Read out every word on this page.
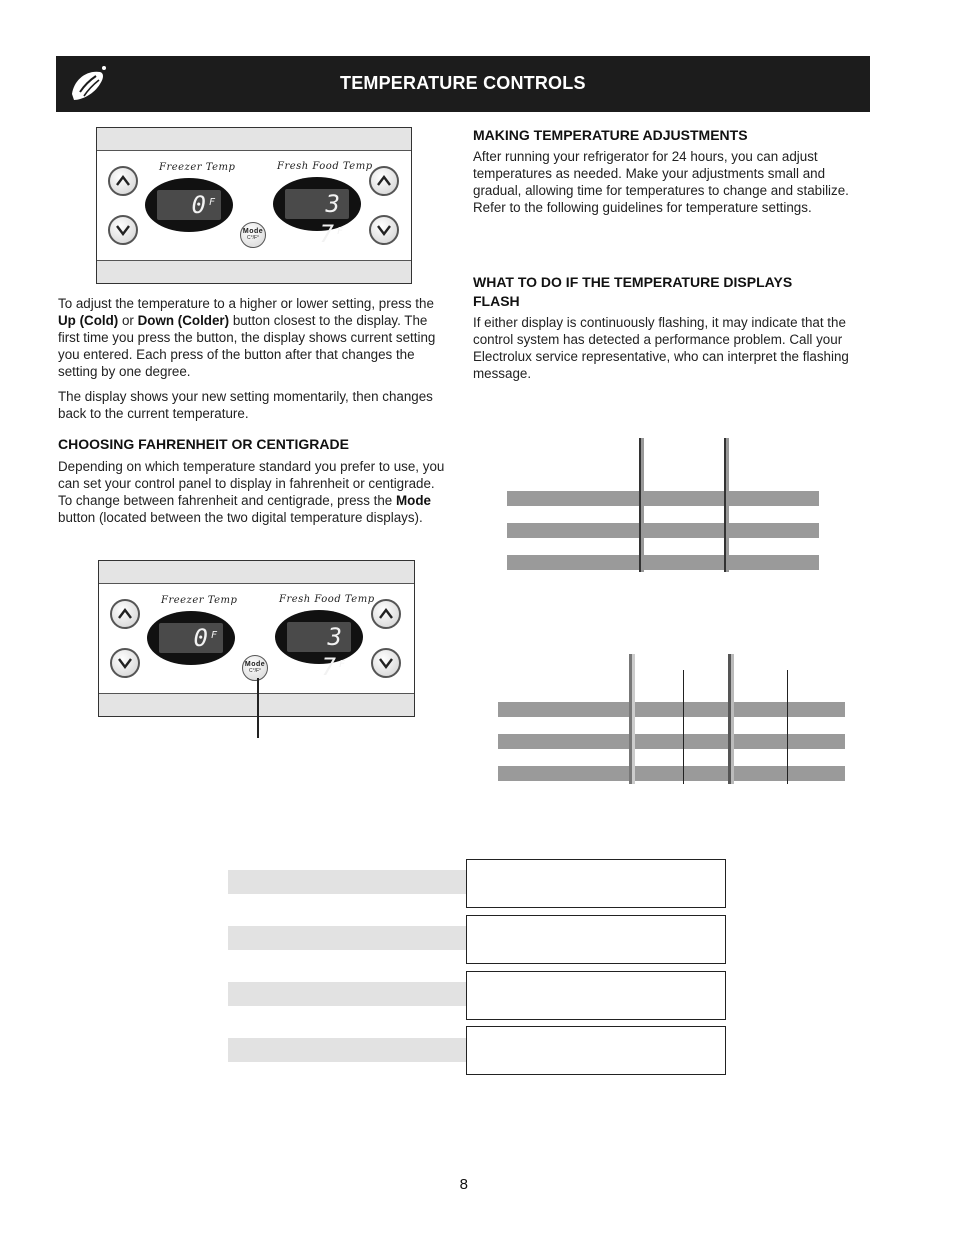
TEMPERATURE CONTROLS
Freezer Temp	Fresh Food Temp
$0^F$	3 $7^F$
Mode
C°/F°
To adjust the temperature to a higher or lower setting, press the Up (Cold) or Down (Colder) button closest to the display. The first time you press the button, the display shows current setting you entered. Each press of the button after that changes the setting by one degree.
The display shows your new setting momentarily, then changes back to the current temperature.
CHOOSING FAHRENHEIT OR CENTIGRADE
Depending on which temperature standard you prefer to use, you can set your control panel to display in fahrenheit or centigrade. To change between fahrenheit and centigrade, press the Mode button (located between the two digital temperature displays).
Freezer Temp	Fresh Food Temp
$0^F$	3 $7^F$
Mode
C°/F°
MAKING TEMPERATURE ADJUSTMENTS
After running your refrigerator for 24 hours, you can adjust temperatures as needed. Make your adjustments small and gradual, allowing time for temperatures to change and stabilize. Refer to the following guidelines for temperature settings.
WHAT TO DO IF THE TEMPERATURE DISPLAYS
FLASH
If either display is continuously flashing, it may indicate that the control system has detected a performance problem. Call your Electrolux service representative, who can interpret the flashing message.
8
